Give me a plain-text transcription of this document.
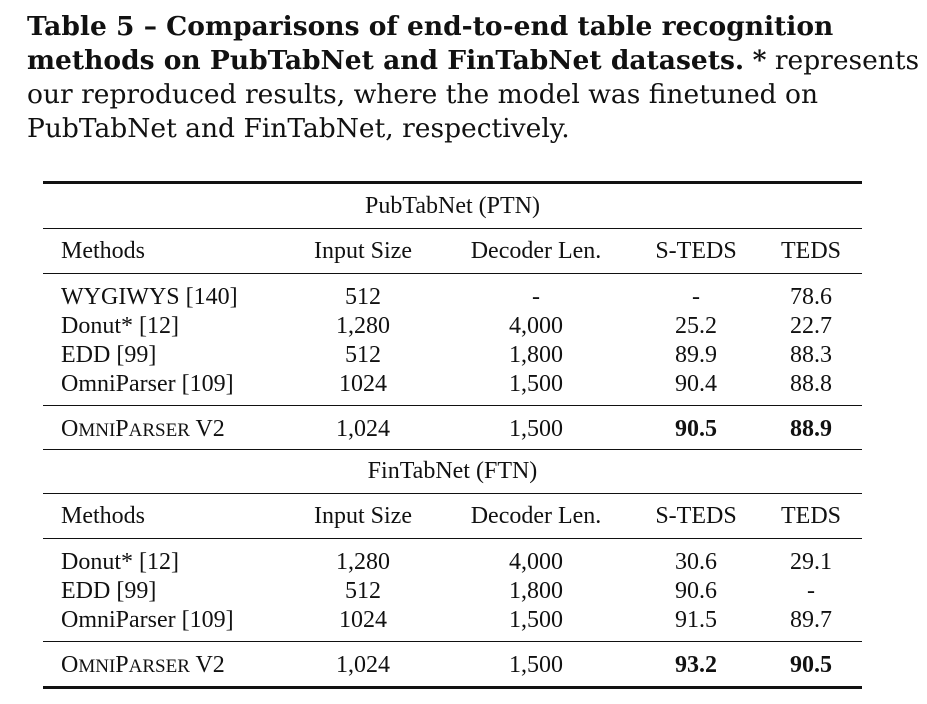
Table 5 – Comparisons of end-to-end table recognition
methods on PubTabNet and FinTabNet datasets. * represents
our reproduced results, where the model was finetuned on
PubTabNet and FinTabNet, respectively.
PubTabNet (PTN)
Methods	Input Size	Decoder Len.	S-TEDS	TEDS
WYGIWYS [140]	512	-	-	78.6
Donut* [12]	1,280	4,000	25.2	22.7
EDD [99]	512	1,800	89.9	88.3
OmniParser [109]	1024	1,500	90.4	88.8
OMNIPARSER V2	1,024	1,500	90.5	88.9
FinTabNet (FTN)
Methods	Input Size	Decoder Len.	S-TEDS	TEDS
Donut* [12]	1,280	4,000	30.6	29.1
EDD [99]	512	1,800	90.6	-
OmniParser [109]	1024	1,500	91.5	89.7
OMNIPARSER V2	1,024	1,500	93.2	90.5
